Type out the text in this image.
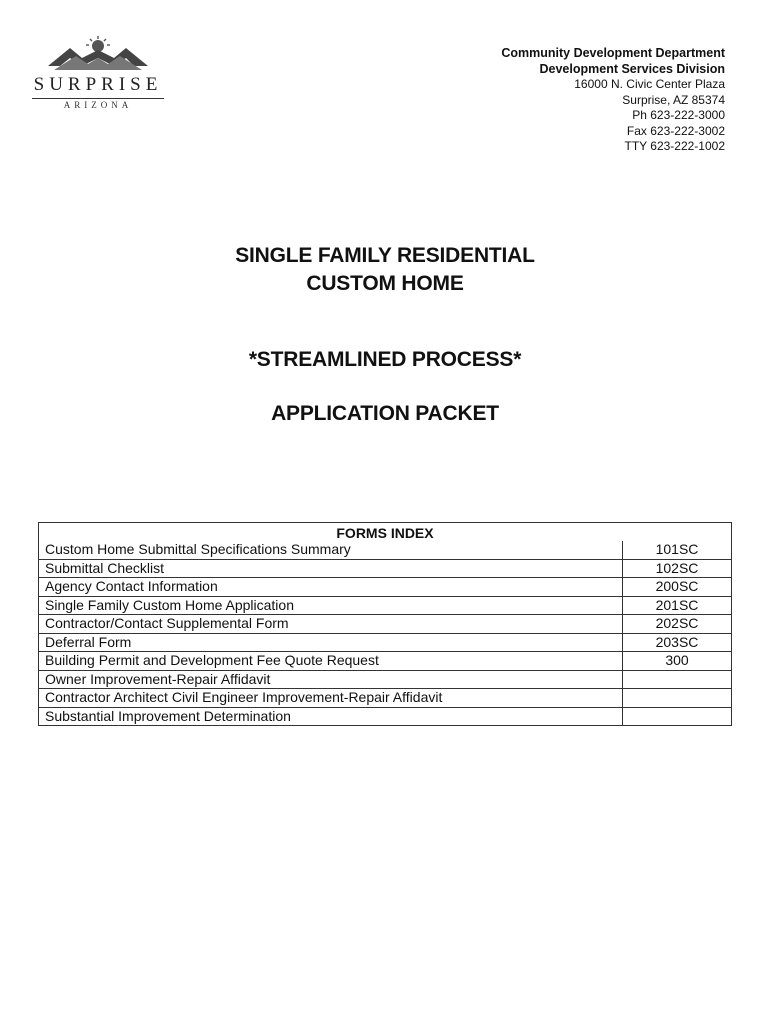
SURPRISE
ARIZONA
Community Development Department
Development Services Division
16000 N. Civic Center Plaza
Surprise, AZ 85374
Ph 623-222-3000
Fax 623-222-3002
TTY 623-222-1002
SINGLE FAMILY RESIDENTIAL
CUSTOM HOME
*STREAMLINED PROCESS*
APPLICATION PACKET
FORMS INDEX	
Custom Home Submittal Specifications Summary	101SC
Submittal Checklist	102SC
Agency Contact Information	200SC
Single Family Custom Home Application	201SC
Contractor/Contact Supplemental Form	202SC
Deferral Form	203SC
Building Permit and Development Fee Quote Request	300
Owner Improvement-Repair Affidavit	
Contractor Architect Civil Engineer Improvement-Repair Affidavit	
Substantial Improvement Determination	
